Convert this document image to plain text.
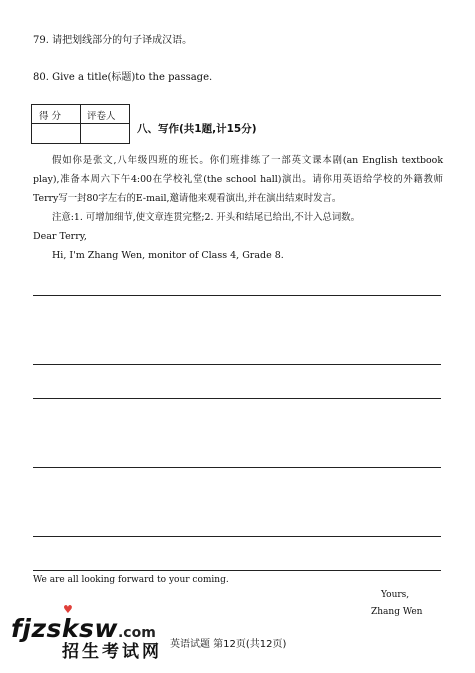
79. 请把划线部分的句子译成汉语。
80. Give a title(标题)to the passage.
得 分	评卷人
八、写作(共1题,计15分)
假如你是张文,八年级四班的班长。你们班排练了一部英文课本剧(an English textbook play),准备本周六下午4:00在学校礼堂(the school hall)演出。请你用英语给学校的外籍教师Terry写一封80字左右的E-mail,邀请他来观看演出,并在演出结束时发言。
注意:1. 可增加细节,使文章连贯完整;2. 开头和结尾已给出,不计入总词数。
Dear Terry,
Hi, I'm Zhang Wen, monitor of Class 4, Grade 8.
We are all looking forward to your coming.
Yours,
Zhang Wen
fjzsksw.com
♥
招生考试网 英语试题 第12页(共12页)
